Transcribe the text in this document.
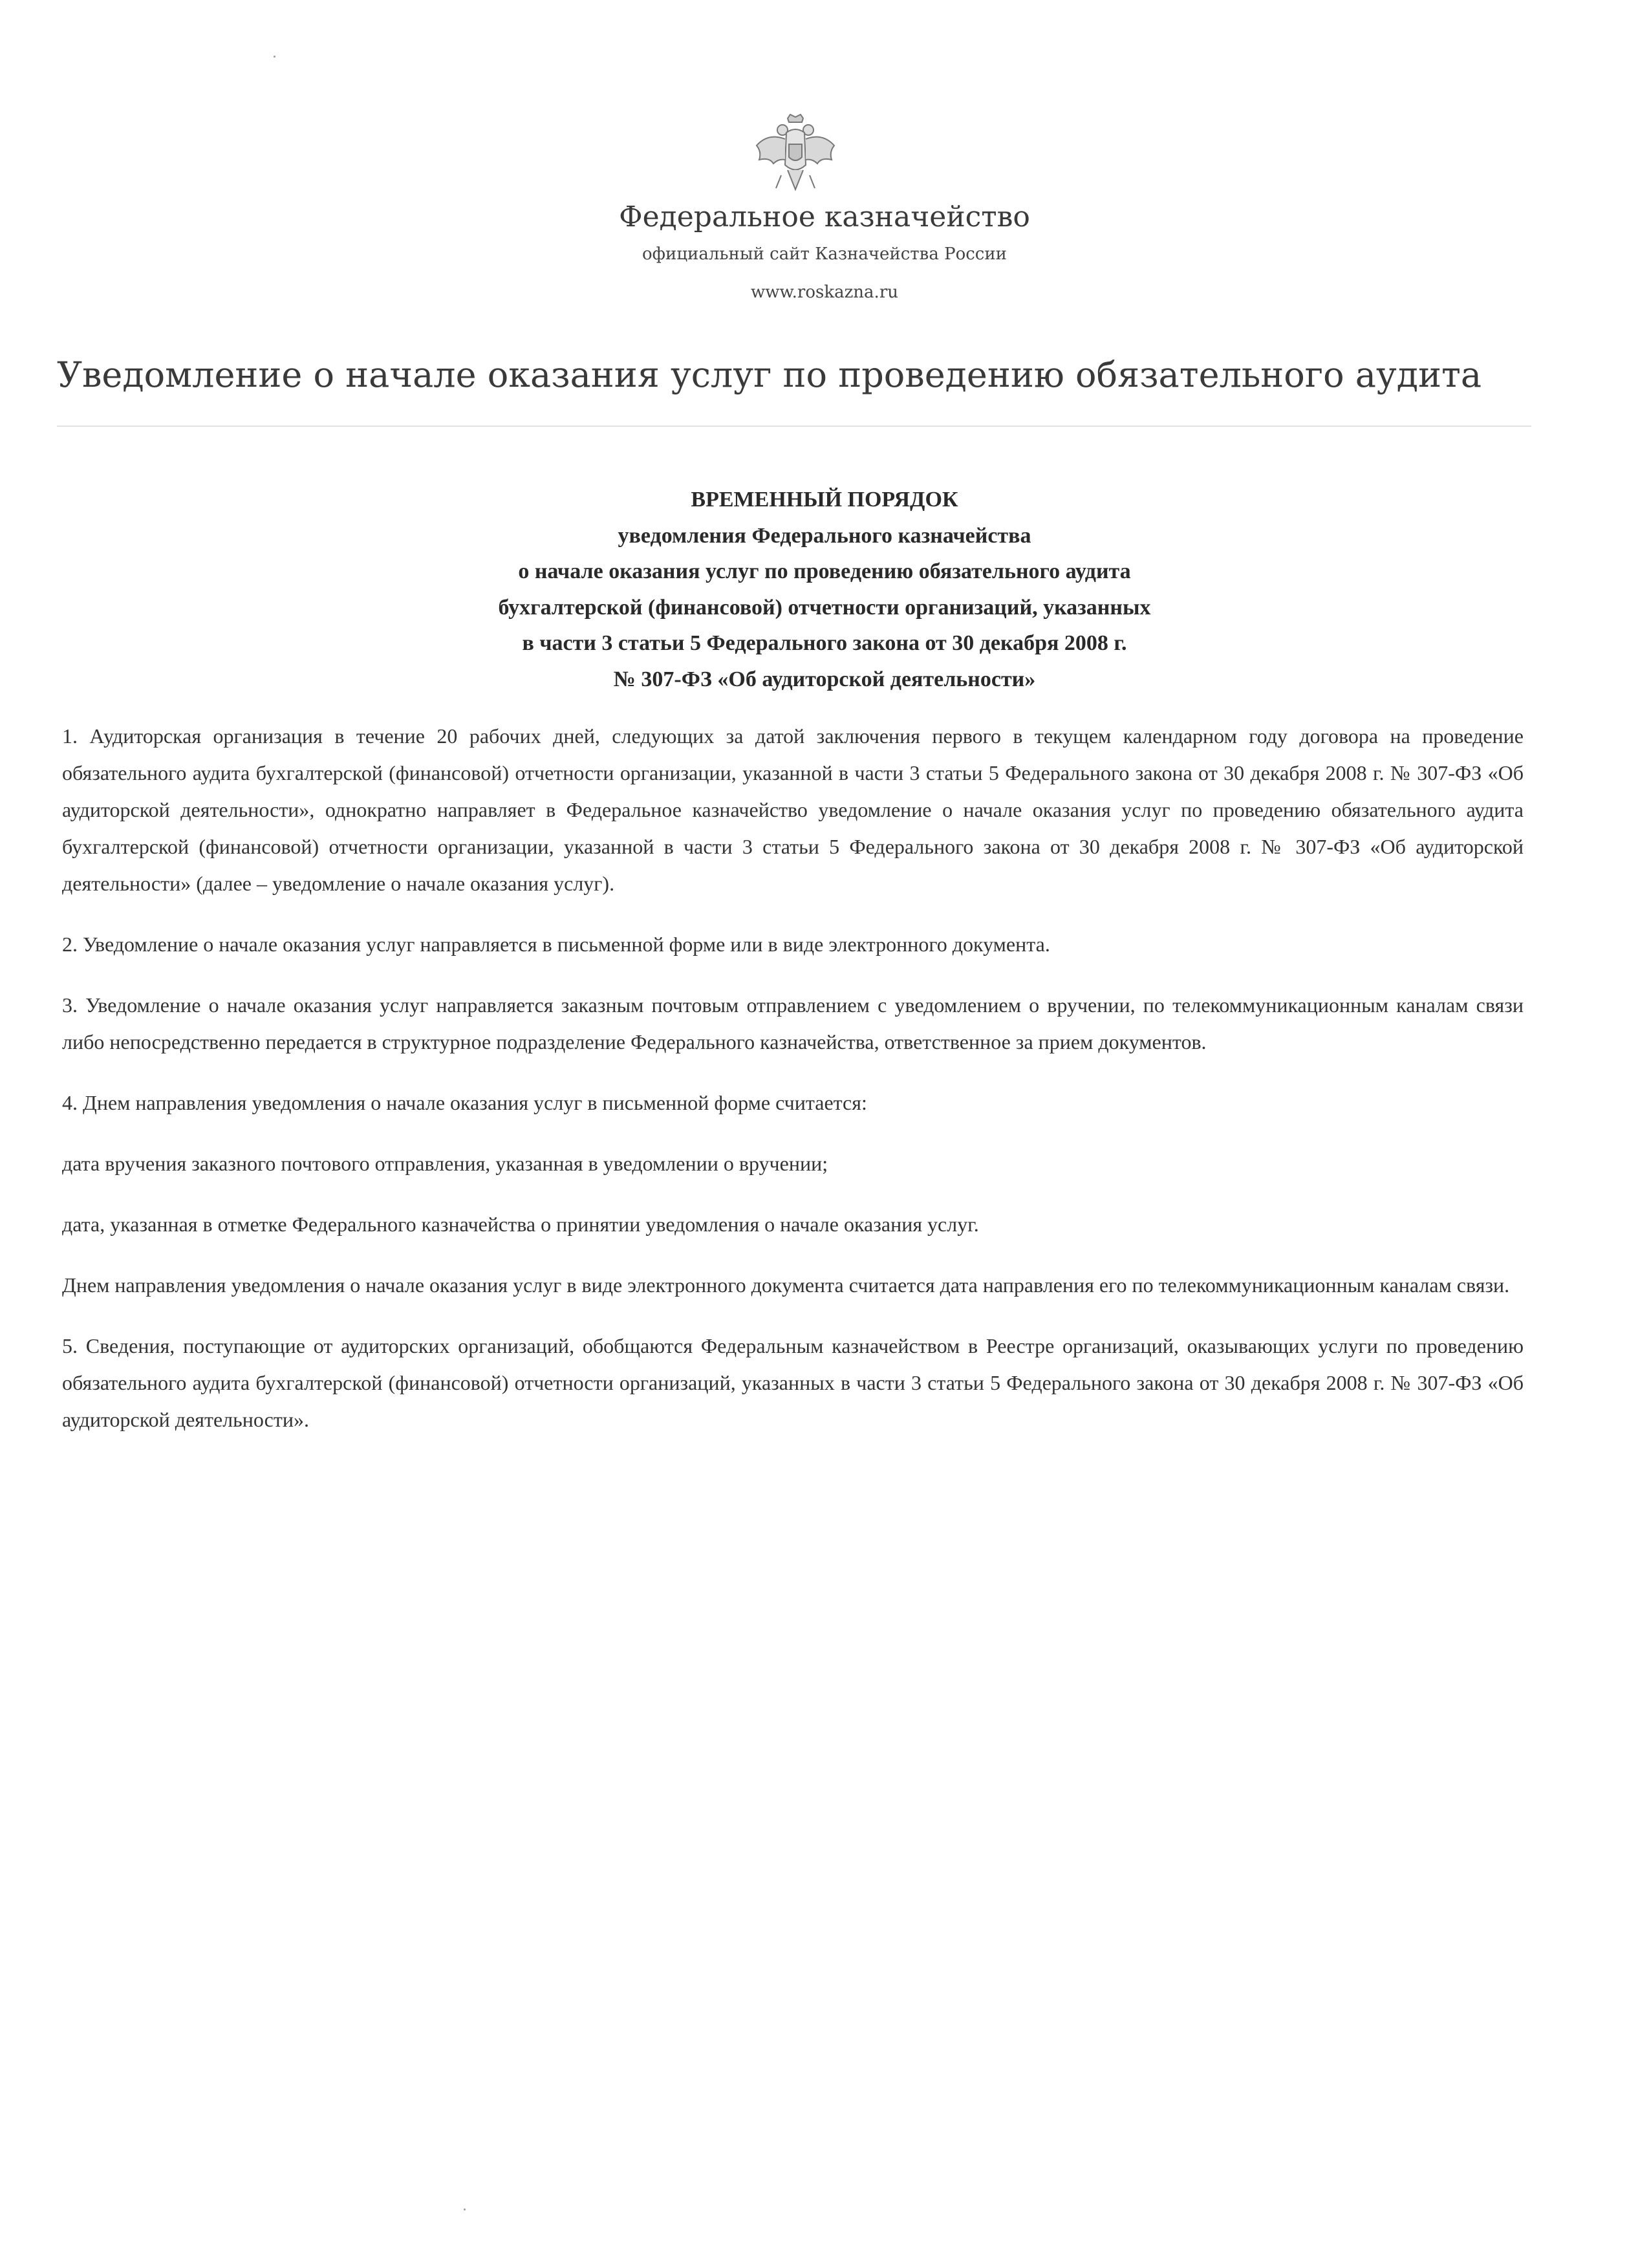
Федеральное казначейство
официальный сайт Казначейства России
www.roskazna.ru
Уведомление о начале оказания услуг по проведению обязательного аудита
ВРЕМЕННЫЙ ПОРЯДОК
уведомления Федерального казначейства
о начале оказания услуг по проведению обязательного аудита
бухгалтерской (финансовой) отчетности организаций, указанных
в части 3 статьи 5 Федерального закона от 30 декабря 2008 г.
№ 307-ФЗ «Об аудиторской деятельности»

1. Аудиторская организация в течение 20 рабочих дней, следующих за датой заключения первого в текущем календарном году договора на проведение обязательного аудита бухгалтерской (финансовой) отчетности организации, указанной в части 3 статьи 5 Федерального закона от 30 декабря 2008 г. № 307-ФЗ «Об аудиторской деятельности», однократно направляет в Федеральное казначейство уведомление о начале оказания услуг по проведению обязательного аудита бухгалтерской (финансовой) отчетности организации, указанной в части 3 статьи 5 Федерального закона от 30 декабря 2008 г. № 307-ФЗ «Об аудиторской деятельности» (далее – уведомление о начале оказания услуг).

2. Уведомление о начале оказания услуг направляется в письменной форме или в виде электронного документа.

3. Уведомление о начале оказания услуг направляется заказным почтовым отправлением с уведомлением о вручении, по телекоммуникационным каналам связи либо непосредственно передается в структурное подразделение Федерального казначейства, ответственное за прием документов.

4. Днем направления уведомления о начале оказания услуг в письменной форме считается:

дата вручения заказного почтового отправления, указанная в уведомлении о вручении;

дата, указанная в отметке Федерального казначейства о принятии уведомления о начале оказания услуг.

Днем направления уведомления о начале оказания услуг в виде электронного документа считается дата направления его по телекоммуникационным каналам связи.

5. Сведения, поступающие от аудиторских организаций, обобщаются Федеральным казначейством в Реестре организаций, оказывающих услуги по проведению обязательного аудита бухгалтерской (финансовой) отчетности организаций, указанных в части 3 статьи 5 Федерального закона от 30 декабря 2008 г. № 307-ФЗ «Об аудиторской деятельности».
